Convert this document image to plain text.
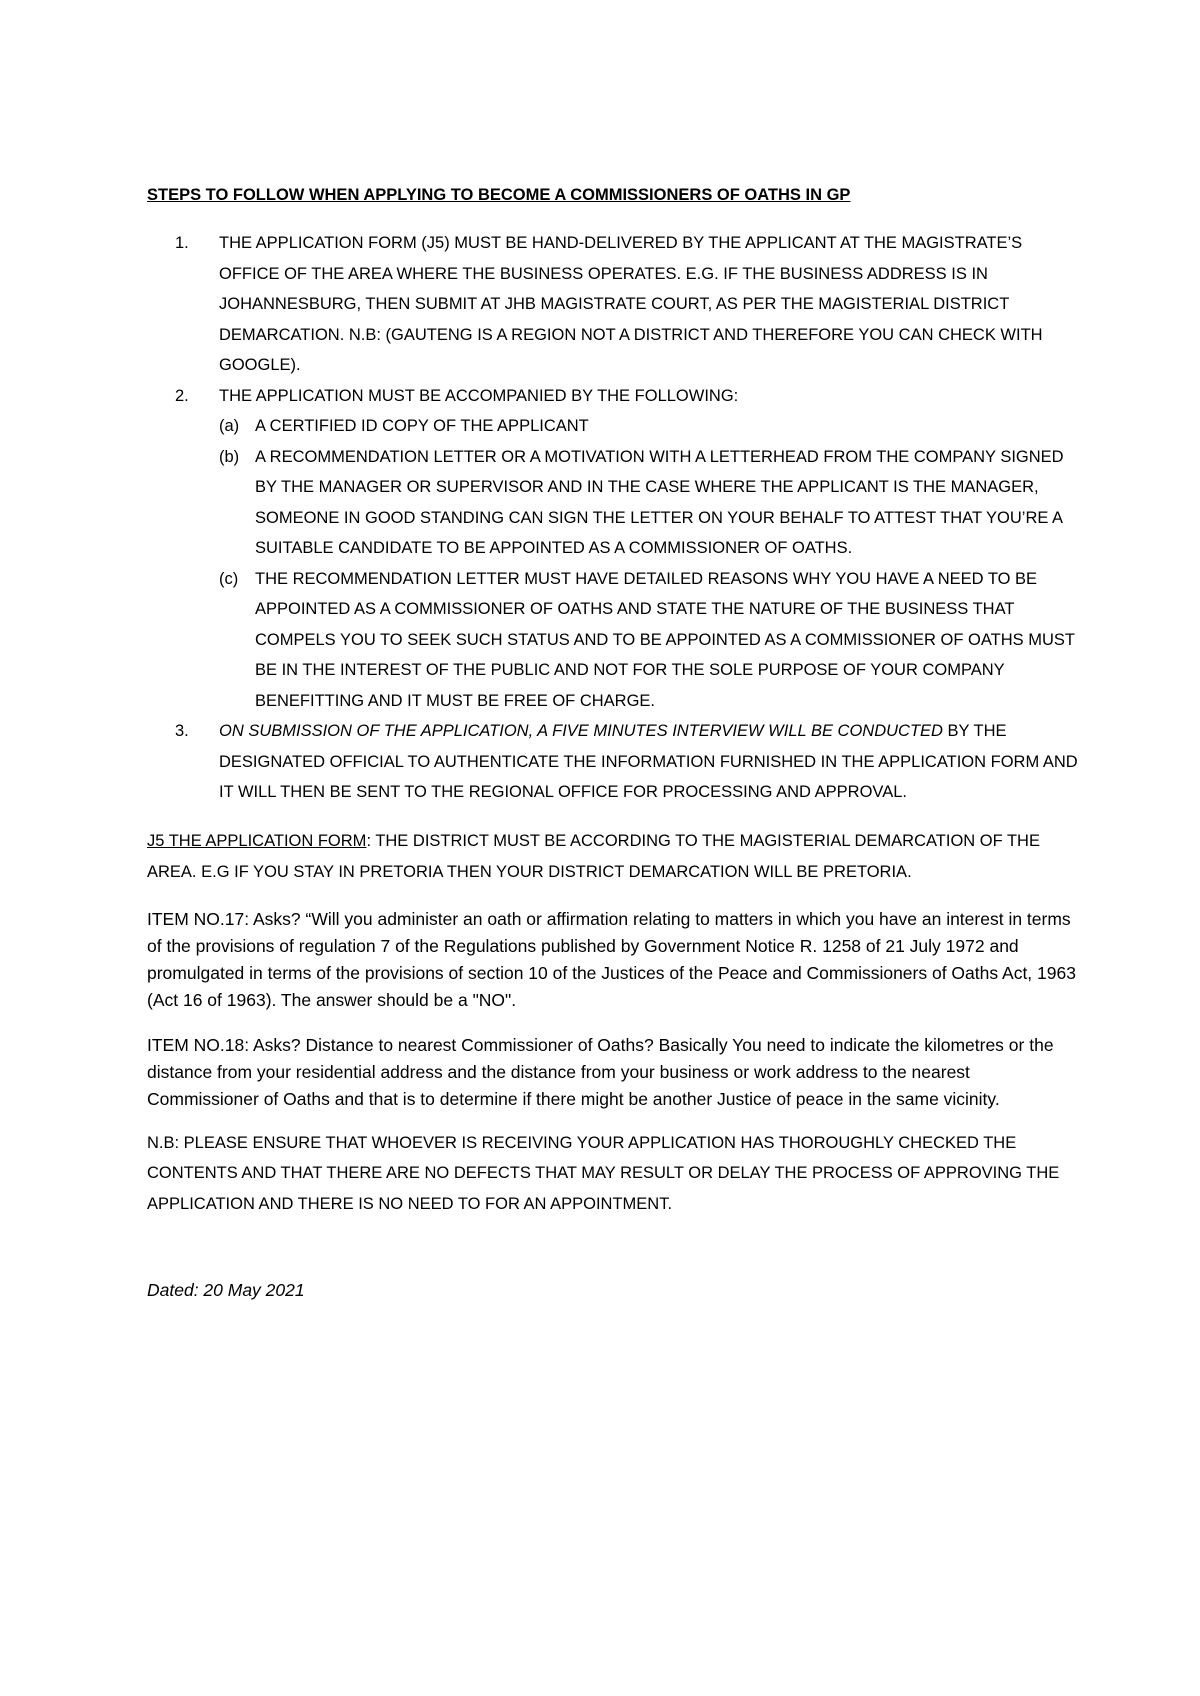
STEPS TO FOLLOW WHEN APPLYING TO BECOME A COMMISSIONERS OF OATHS IN GP

1. THE APPLICATION FORM (J5) MUST BE HAND-DELIVERED BY THE APPLICANT AT THE MAGISTRATE’S OFFICE OF THE AREA WHERE THE BUSINESS OPERATES. E.G. IF THE BUSINESS ADDRESS IS IN JOHANNESBURG, THEN SUBMIT AT JHB MAGISTRATE COURT, AS PER THE MAGISTERIAL DISTRICT DEMARCATION. N.B: (GAUTENG IS A REGION NOT A DISTRICT AND THEREFORE YOU CAN CHECK WITH GOOGLE).
2. THE APPLICATION MUST BE ACCOMPANIED BY THE FOLLOWING:
(a) A CERTIFIED ID COPY OF THE APPLICANT
(b) A RECOMMENDATION LETTER OR A MOTIVATION WITH A LETTERHEAD FROM THE COMPANY SIGNED BY THE MANAGER OR SUPERVISOR AND IN THE CASE WHERE THE APPLICANT IS THE MANAGER, SOMEONE IN GOOD STANDING CAN SIGN THE LETTER ON YOUR BEHALF TO ATTEST THAT YOU’RE A SUITABLE CANDIDATE TO BE APPOINTED AS A COMMISSIONER OF OATHS.
(c) THE RECOMMENDATION LETTER MUST HAVE DETAILED REASONS WHY YOU HAVE A NEED TO BE APPOINTED AS A COMMISSIONER OF OATHS AND STATE THE NATURE OF THE BUSINESS THAT COMPELS YOU TO SEEK SUCH STATUS AND TO BE APPOINTED AS A COMMISSIONER OF OATHS MUST BE IN THE INTEREST OF THE PUBLIC AND NOT FOR THE SOLE PURPOSE OF YOUR COMPANY BENEFITTING AND IT MUST BE FREE OF CHARGE.
3. ON SUBMISSION OF THE APPLICATION, A FIVE MINUTES INTERVIEW WILL BE CONDUCTED BY THE DESIGNATED OFFICIAL TO AUTHENTICATE THE INFORMATION FURNISHED IN THE APPLICATION FORM AND IT WILL THEN BE SENT TO THE REGIONAL OFFICE FOR PROCESSING AND APPROVAL.

J5 THE APPLICATION FORM: THE DISTRICT MUST BE ACCORDING TO THE MAGISTERIAL DEMARCATION OF THE AREA. E.G IF YOU STAY IN PRETORIA THEN YOUR DISTRICT DEMARCATION WILL BE PRETORIA.

ITEM NO.17: Asks? “Will you administer an oath or affirmation relating to matters in which you have an interest in terms of the provisions of regulation 7 of the Regulations published by Government Notice R. 1258 of 21 July 1972 and promulgated in terms of the provisions of section 10 of the Justices of the Peace and Commissioners of Oaths Act, 1963 (Act 16 of 1963). The answer should be a "NO".

ITEM NO.18: Asks? Distance to nearest Commissioner of Oaths? Basically You need to indicate the kilometres or the distance from your residential address and the distance from your business or work address to the nearest Commissioner of Oaths and that is to determine if there might be another Justice of peace in the same vicinity.

N.B: PLEASE ENSURE THAT WHOEVER IS RECEIVING YOUR APPLICATION HAS THOROUGHLY CHECKED THE CONTENTS AND THAT THERE ARE NO DEFECTS THAT MAY RESULT OR DELAY THE PROCESS OF APPROVING THE APPLICATION AND THERE IS NO NEED TO FOR AN APPOINTMENT.

Dated: 20 May 2021
